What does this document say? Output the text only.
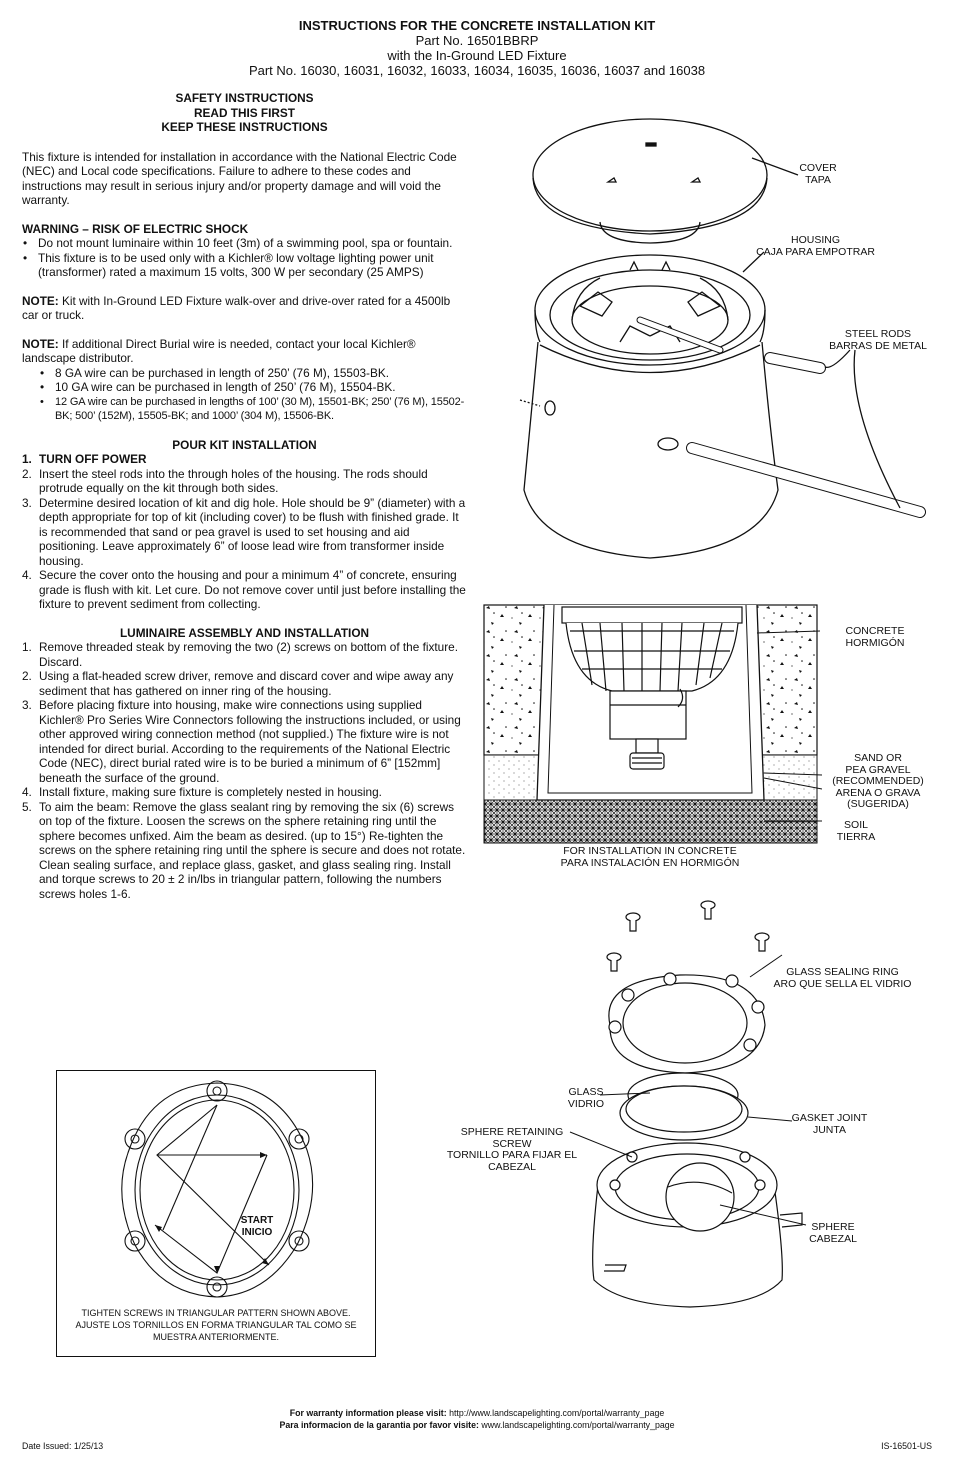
INSTRUCTIONS FOR THE CONCRETE INSTALLATION KIT
Part No. 16501BBRP
with the In-Ground LED Fixture
Part No. 16030, 16031, 16032, 16033, 16034, 16035, 16036, 16037 and 16038
SAFETY INSTRUCTIONS
READ THIS FIRST
KEEP THESE INSTRUCTIONS

This fixture is intended for installation in accordance with the National Electric Code (NEC) and Local code specifications. Failure to adhere to these codes and instructions may result in serious injury and/or property damage and will void the warranty.

WARNING – RISK OF ELECTRIC SHOCK

• Do not mount luminaire within 10 feet (3m) of a swimming pool, spa or fountain.
• This fixture is to be used only with a Kichler® low voltage lighting power unit (transformer) rated a maximum 15 volts, 300 W per secondary (25 AMPS)

NOTE: Kit with In-Ground LED Fixture walk-over and drive-over rated for a 4500lb car or truck.

NOTE: If additional Direct Burial wire is needed, contact your local Kichler® landscape distributor.

• 8 GA wire can be purchased in length of 250’ (76 M), 15503-BK.
• 10 GA wire can be purchased in length of 250’ (76 M), 15504-BK.
• 12 GA wire can be purchased in lengths of 100’ (30 M), 15501-BK; 250’ (76 M), 15502-BK; 500’ (152M), 15505-BK; and 1000’ (304 M), 15506-BK.

POUR KIT INSTALLATION

1. TURN OFF POWER
2. Insert the steel rods into the through holes of the housing. The rods should protrude equally on the kit through both sides.
3. Determine desired location of kit and dig hole. Hole should be 9” (diameter) with a depth appropriate for top of kit (including cover) to be flush with finished grade. It is recommended that sand or pea gravel is used to set housing and aid positioning. Leave approximately 6” of loose lead wire from transformer inside housing.
4. Secure the cover onto the housing and pour a minimum 4” of concrete, ensuring grade is flush with kit. Let cure. Do not remove cover until just before installing the fixture to prevent sediment from collecting.

LUMINAIRE ASSEMBLY AND INSTALLATION

1. Remove threaded steak by removing the two (2) screws on bottom of the fixture. Discard.
2. Using a flat-headed screw driver, remove and discard cover and wipe away any sediment that has gathered on inner ring of the housing.
3. Before placing fixture into housing, make wire connections using supplied Kichler® Pro Series Wire Connectors following the instructions included, or using other approved wiring connection method (not supplied.) The fixture wire is not intended for direct burial. According to the requirements of the National Electric Code (NEC), direct burial rated wire is to be buried a minimum of 6” [152mm] beneath the surface of the ground.
4. Install fixture, making sure fixture is completely nested in housing.
5. To aim the beam: Remove the glass sealant ring by removing the six (6) screws on top of the fixture. Loosen the screws on the sphere retaining ring until the sphere becomes unfixed. Aim the beam as desired. (up to 15°) Re-tighten the screws on the sphere retaining ring until the sphere is secure and does not rotate. Clean sealing surface, and replace glass, gasket, and glass sealing ring. Install and torque screws to 20 ± 2 in/lbs in triangular pattern, following the numbers screws holes 1-6.
COVER
TAPA
HOUSING
CAJA PARA EMPOTRAR
STEEL RODS
BARRAS DE METAL
CONCRETE
HORMIGÓN
SAND OR
PEA GRAVEL
(RECOMMENDED)
ARENA O GRAVA
(SUGERIDA)
SOIL
TIERRA
FOR INSTALLATION IN CONCRETE
PARA INSTALACIÓN EN HORMIGÓN
GLASS SEALING RING
ARO QUE SELLA EL VIDRIO
GLASS
VIDRIO
GASKET JOINT
JUNTA
SPHERE RETAINING
SCREW
TORNILLO PARA FIJAR EL
CABEZAL
SPHERE
CABEZAL
START
INICIO
TIGHTEN SCREWS IN TRIANGULAR PATTERN SHOWN ABOVE.
AJUSTE LOS TORNILLOS EN FORMA TRIANGULAR TAL COMO SE
MUESTRA ANTERIORMENTE.
For warranty information please visit: http://www.landscapelighting.com/portal/warranty_page
Para informacion de la garantia por favor visite: www.landscapelighting.com/portal/warranty_page
Date Issued: 1/25/13	IS-16501-US
